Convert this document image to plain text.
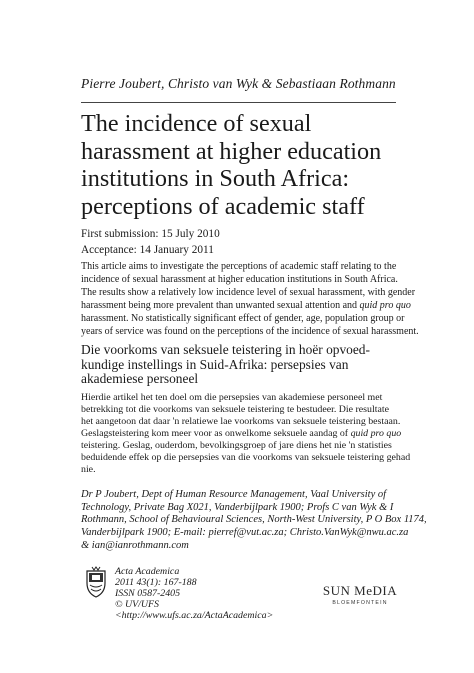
Pierre Joubert, Christo van Wyk & Sebastiaan Rothmann
The incidence of sexual
harassment at higher education
institutions in South Africa:
perceptions of academic staff
First submission: 15 July 2010
Acceptance: 14 January 2011

This article aims to investigate the perceptions of academic staff relating to the
incidence of sexual harassment at higher education institutions in South Africa.
The results show a relatively low incidence level of sexual harassment, with gender
harassment being more prevalent than unwanted sexual attention and quid pro quo
harassment. No statistically significant effect of gender, age, population group or
years of service was found on the perceptions of the incidence of sexual harassment.

Die voorkoms van seksuele teistering in hoër opvoed-
kundige instellings in Suid-Afrika: persepsies van
akademiese personeel

Hierdie artikel het ten doel om die persepsies van akademiese personeel met
betrekking tot die voorkoms van seksuele teistering te bestudeer. Die resultate
het aangetoon dat daar 'n relatiewe lae voorkoms van seksuele teistering bestaan.
Geslagsteistering kom meer voor as onwelkome seksuele aandag of quid pro quo
teistering. Geslag, ouderdom, bevolkingsgroep of jare diens het nie 'n statisties
beduidende effek op die persepsies van die voorkoms van seksuele teistering gehad
nie.

Dr P Joubert, Dept of Human Resource Management, Vaal University of
Technology, Private Bag X021, Vanderbijlpark 1900; Profs C van Wyk & I
Rothmann, School of Behavioural Sciences, North-West University, P O Box 1174,
Vanderbijlpark 1900; E-mail: pierref@vut.ac.za; Christo.VanWyk@nwu.ac.za
& ian@ianrothmann.com

Acta Academica
2011 43(1): 167-188
ISSN 0587-2405
© UV/UFS
<http://www.ufs.ac.za/ActaAcademica>
SUN MeDIA
BLOEMFONTEIN
